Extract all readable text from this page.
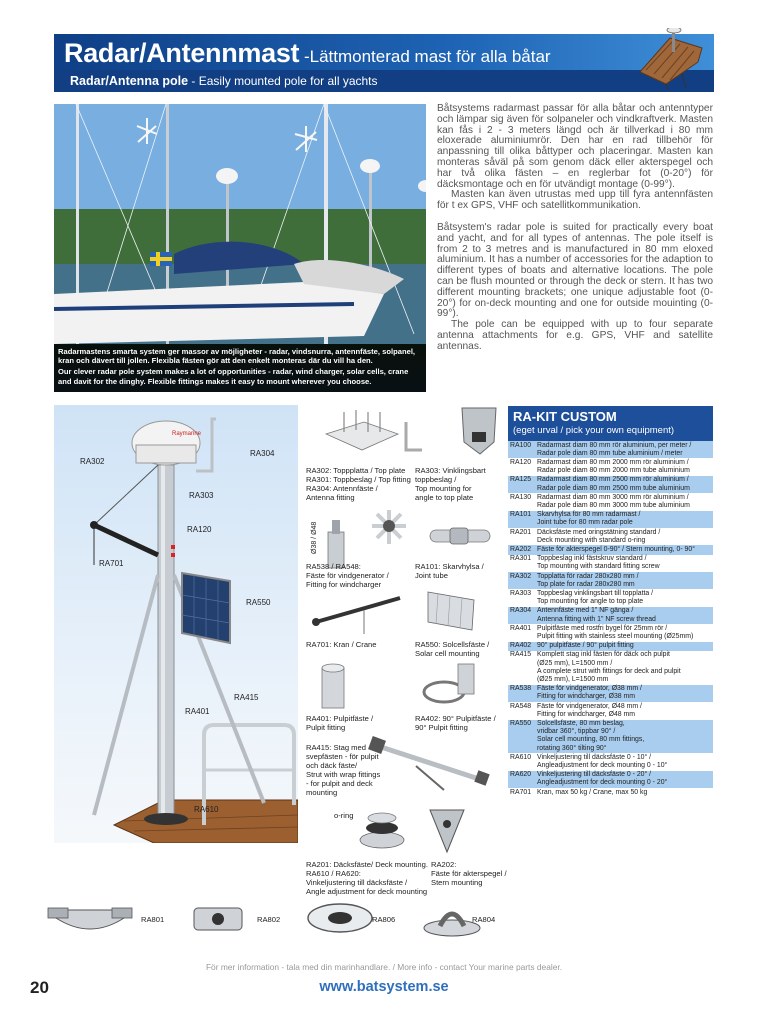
Radar/Antennmast -Lättmonterad mast för alla båtar
Radar/Antenna pole - Easily mounted pole for all yachts

Radarmastens smarta system ger massor av möjligheter - radar, vindsnurra, antennfäste, solpanel, kran och dävert till jollen. Flexibla fästen gör att den enkelt monteras där du vill ha den.

Our clever radar pole system makes a lot of opportunities - radar, wind charger, solar cells, crane and davit for the dinghy. Flexible fittings makes it easy to mount wherever you choose.

Båtsystems radarmast passar för alla båtar och antenntyper och lämpar sig även för solpaneler och vindkraftverk. Masten kan fås i 2 - 3 meters längd och är tillverkad i 80 mm eloxerade aluminiumrör. Den har en rad tillbehör för anpassning till olika båttyper och placeringar. Masten kan monteras såväl på som genom däck eller akterspegel och har två olika fästen – en reglerbar fot (0-20°) för däcksmontage och en för utvändigt montage (0-99°).

Masten kan även utrustas med upp till fyra antennfästen för t ex GPS, VHF och satellitkommunikation.

Båtsystem's radar pole is suited for practically every boat and yacht, and for all types of antennas. The pole itself is from 2 to 3 metres and is manufactured in 80 mm eloxed aluminium. It has a number of accessories for the adaption to different types of boats and alternative locations. The pole can be flush mounted or through the deck or stern. It has two different mounting brackets; one unique adjustable foot (0-20°) for on-deck mounting and one for outside mouinting (0-99°).

The pole can be equipped with up to four separate antenna attachments for e.g. GPS, VHF and satellite antennas.

Raymarine
RA302
RA304
RA303
RA120
RA701
RA550
RA415
RA401
RA610
Ø38 / Ø48
RA302: Toppplatta / Top plate
RA301: Toppbeslag / Top fitting
RA304: Antennfäste /
Antenna fitting
RA303: Vinklingsbart
toppbeslag /
Top mounting for
angle to top plate
RA538 / RA548:
Fäste för vindgenerator /
Fitting for windcharger
RA101: Skarvhylsa /
Joint tube
RA701: Kran / Crane	RA550: Solcellsfäste /
Solar cell mounting
RA401: Pulpitfäste /
Pulpit fitting
RA402: 90° Pulpitfäste /
90° Pulpit fitting
RA415: Stag med
svepfästen - för pulpit
och däck fäste/
Strut with wrap fittings
- for pulpit and deck
mounting
o-ring
RA201: Däcksfäste/ Deck mounting.
RA610 / RA620:
Vinkeljustering till däcksfäste /
Angle adjustment for deck mounting
RA202:
Fäste för akterspegel /
Stern mounting
RA-KIT CUSTOM
(eget urval / pick your own equipment)
RA100 Radarmast diam 80 mm rör aluminium, per meter /
Radar pole diam 80 mm tube aluminium / meter
RA120 Radarmast diam 80 mm 2000 mm rör aluminium /
Radar pole diam 80 mm 2000 mm tube aluminium
RA125 Radarmast diam 80 mm 2500 mm rör aluminium /
Radar pole diam 80 mm 2500 mm tube aluminium
RA130 Radarmast diam 80 mm 3000 mm rör aluminium /
Radar pole diam 80 mm 3000 mm tube aluminium
RA101 Skarvhylsa för 80 mm radarmast /
Joint tube for 80 mm radar pole
RA201 Däcksfäste med oringstätning standard /
Deck mounting with standard o-ring
RA202 Fäste för akterspegel 0-90° / Stern mounting, 0- 90°
RA301 Toppbeslag inkl fästskruv standard /
Top mounting with standard fitting screw
RA302 Topplatta för radar 280x280 mm /
Top plate for radar 280x280 mm
RA303 Toppbeslag vinklingsbart till topplatta /
Top mounting for angle to top plate
RA304 Antennfäste med 1" NF gänga /
Antenna fitting with 1" NF screw thread
RA401 Pulpitfäste med rostfri bygel för 25mm rör /
Pulpit fitting with stainless steel mounting (Ø25mm)
RA402 90° pulpitfäste / 90° pulpit fitting
RA415 Komplett stag inkl fästen för däck och pulpit
(Ø25 mm), L=1500 mm /
A complete strut with fittings for deck and pulpit
(Ø25 mm), L=1500 mm
RA538 Fäste för vindgenerator, Ø38 mm /
Fitting for windcharger, Ø38 mm
RA548 Fäste för vindgenerator, Ø48 mm /
Fitting for windcharger, Ø48 mm
RA550 Solcellsfäste, 80 mm beslag,
vridbar 360°, tippbar 90° /
Solar cell mounting, 80 mm fittings,
rotating 360° tilting 90°
RA610 Vinkeljustering till däcksfäste 0 - 10° /
Angleadjustment for deck mounting 0 - 10°
RA620 Vinkeljustering till däcksfäste 0 - 20° /
Angleadjustment for deck mounting 0 - 20°
RA701 Kran, max 50 kg / Crane, max 50 kg
RA801	RA802	RA806	RA804
För mer information - tala med din marinhandlare. / More info - contact Your marine parts dealer.
www.batsystem.se
20
